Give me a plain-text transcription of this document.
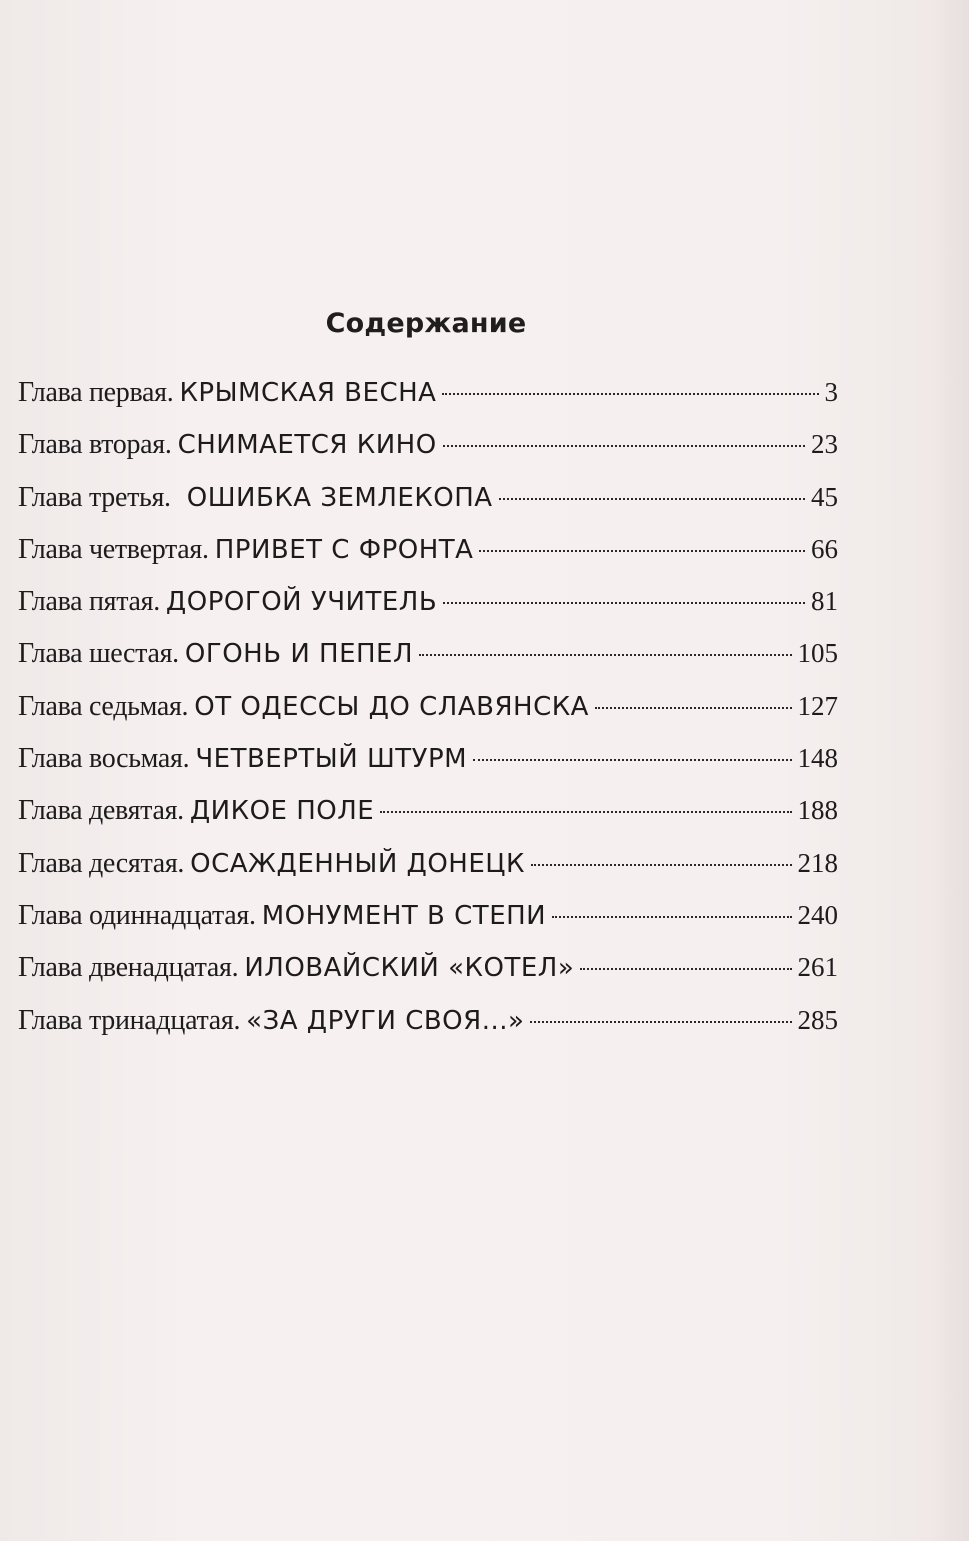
Содержание
Глава первая. КРЫМСКАЯ ВЕСНА	3
Глава вторая. СНИМАЕТСЯ КИНО	23
Глава третья. ОШИБКА ЗЕМЛЕКОПА	45
Глава четвертая. ПРИВЕТ С ФРОНТА	66
Глава пятая. ДОРОГОЙ УЧИТЕЛЬ	81
Глава шестая. ОГОНЬ И ПЕПЕЛ	105
Глава седьмая. ОТ ОДЕССЫ ДО СЛАВЯНСКА	127
Глава восьмая. ЧЕТВЕРТЫЙ ШТУРМ	148
Глава девятая. ДИКОЕ ПОЛЕ	188
Глава десятая. ОСАЖДЕННЫЙ ДОНЕЦК	218
Глава одиннадцатая. МОНУМЕНТ В СТЕПИ	240
Глава двенадцатая. ИЛОВАЙСКИЙ «КОТЕЛ»	261
Глава тринадцатая. «ЗА ДРУГИ СВОЯ...»	285
